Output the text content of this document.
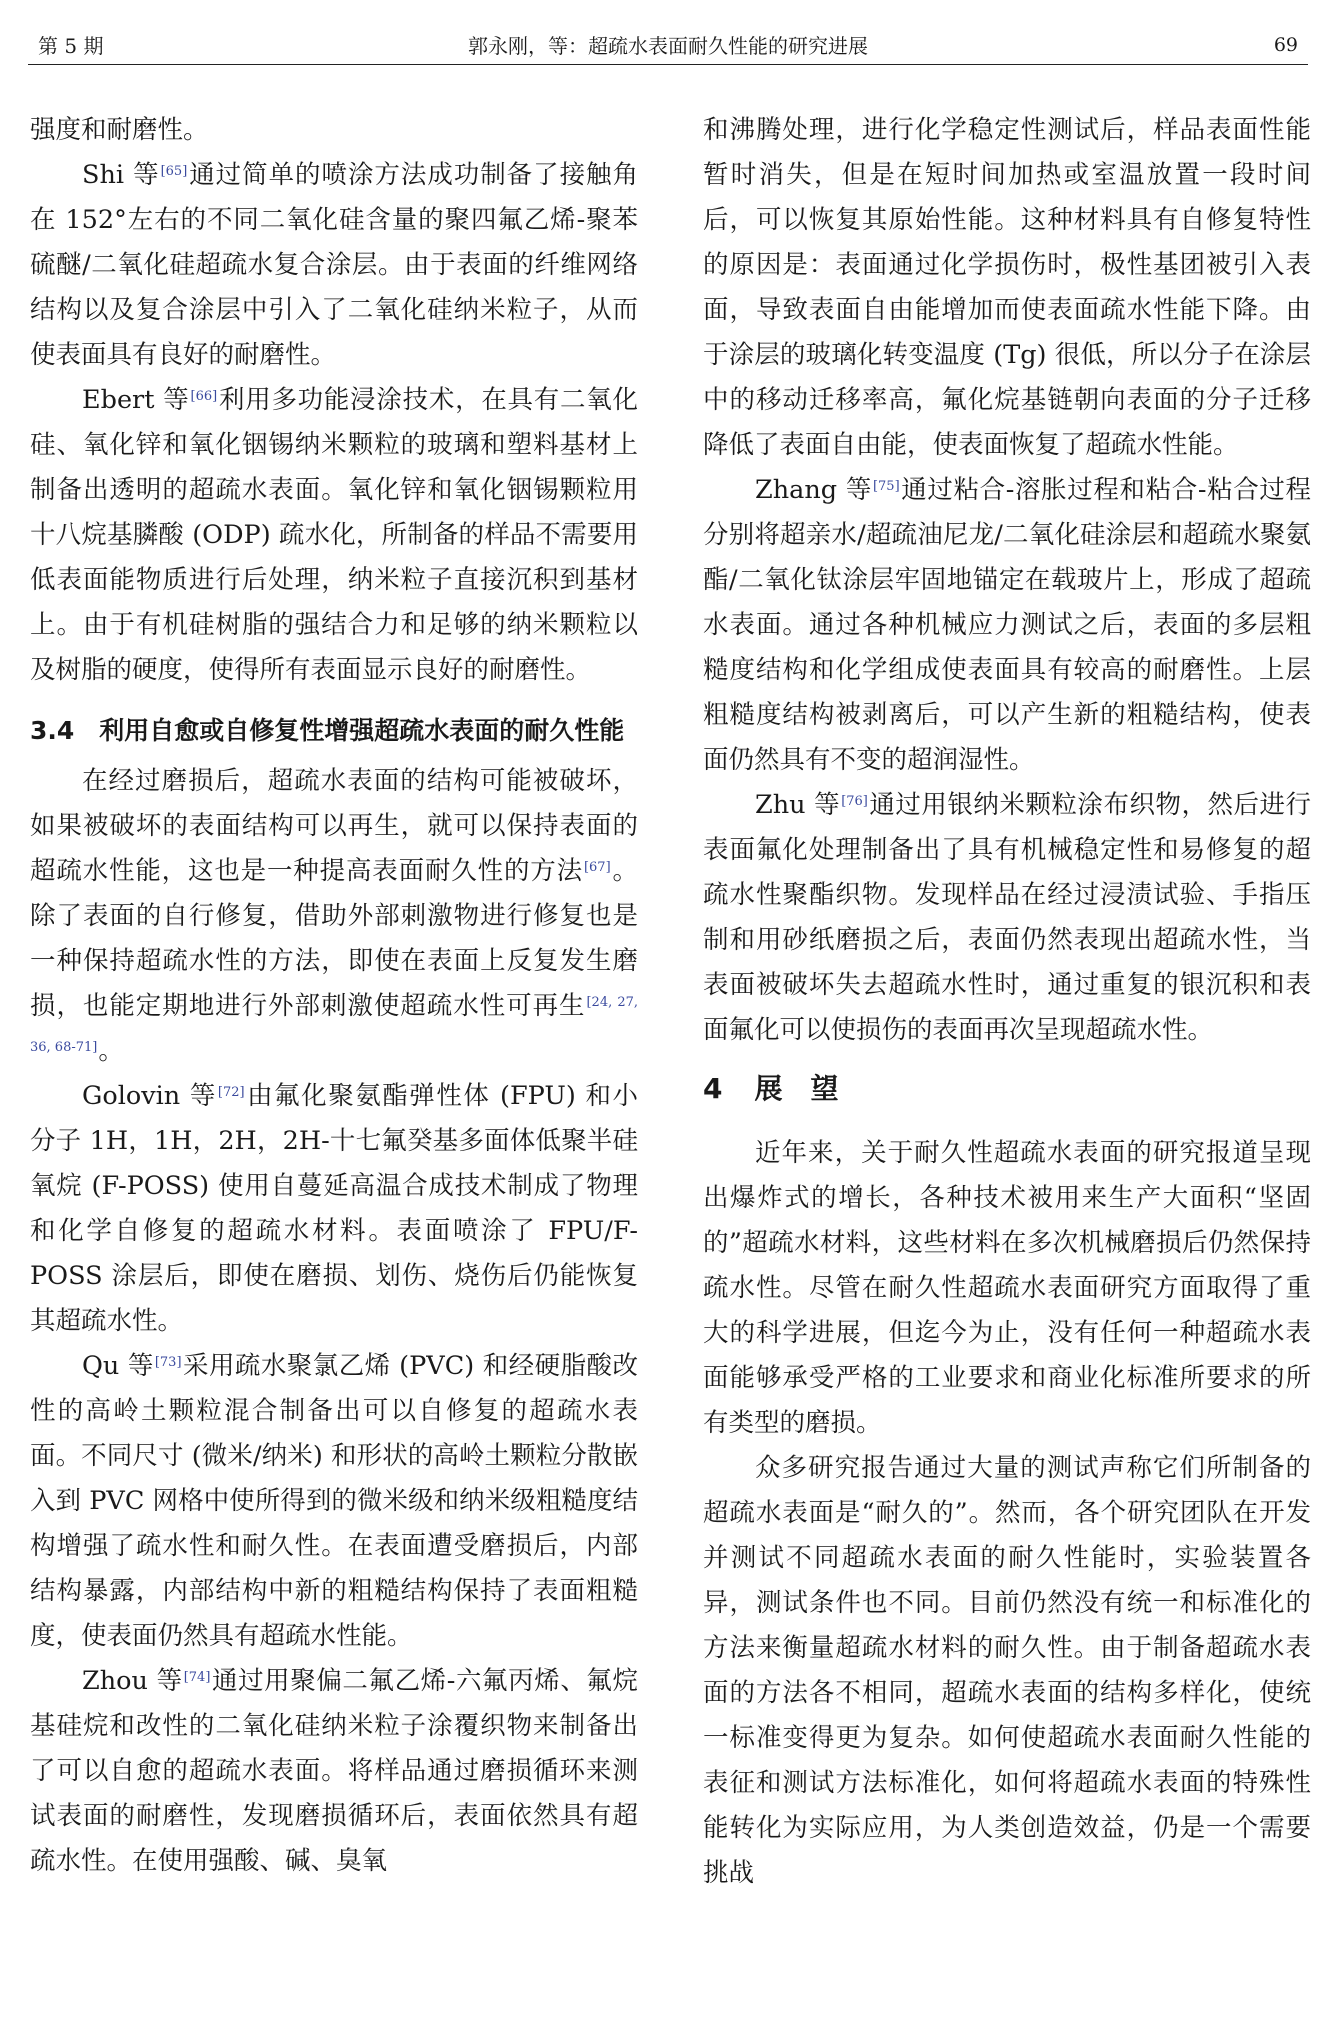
第 5 期	郭永刚，等：超疏水表面耐久性能的研究进展	69

强度和耐磨性。

Shi 等[65]通过简单的喷涂方法成功制备了接触角在 152°左右的不同二氧化硅含量的聚四氟乙烯-聚苯硫醚/二氧化硅超疏水复合涂层。由于表面的纤维网络结构以及复合涂层中引入了二氧化硅纳米粒子，从而使表面具有良好的耐磨性。

Ebert 等[66]利用多功能浸涂技术，在具有二氧化硅、氧化锌和氧化铟锡纳米颗粒的玻璃和塑料基材上制备出透明的超疏水表面。氧化锌和氧化铟锡颗粒用十八烷基膦酸 (ODP) 疏水化，所制备的样品不需要用低表面能物质进行后处理，纳米粒子直接沉积到基材上。由于有机硅树脂的强结合力和足够的纳米颗粒以及树脂的硬度，使得所有表面显示良好的耐磨性。

3.4　利用自愈或自修复性增强超疏水表面的耐久性能

在经过磨损后，超疏水表面的结构可能被破坏，如果被破坏的表面结构可以再生，就可以保持表面的超疏水性能，这也是一种提高表面耐久性的方法[67]。除了表面的自行修复，借助外部刺激物进行修复也是一种保持超疏水性的方法，即使在表面上反复发生磨损，也能定期地进行外部刺激使超疏水性可再生[24, 27, 36, 68-71]。

Golovin 等[72]由氟化聚氨酯弹性体 (FPU) 和小分子 1H，1H，2H，2H-十七氟癸基多面体低聚半硅氧烷 (F-POSS) 使用自蔓延高温合成技术制成了物理和化学自修复的超疏水材料。表面喷涂了 FPU/F-POSS 涂层后，即使在磨损、划伤、烧伤后仍能恢复其超疏水性。

Qu 等[73]采用疏水聚氯乙烯 (PVC) 和经硬脂酸改性的高岭土颗粒混合制备出可以自修复的超疏水表面。不同尺寸 (微米/纳米) 和形状的高岭土颗粒分散嵌入到 PVC 网格中使所得到的微米级和纳米级粗糙度结构增强了疏水性和耐久性。在表面遭受磨损后，内部结构暴露，内部结构中新的粗糙结构保持了表面粗糙度，使表面仍然具有超疏水性能。

Zhou 等[74]通过用聚偏二氟乙烯-六氟丙烯、氟烷基硅烷和改性的二氧化硅纳米粒子涂覆织物来制备出了可以自愈的超疏水表面。将样品通过磨损循环来测试表面的耐磨性，发现磨损循环后，表面依然具有超疏水性。在使用强酸、碱、臭氧

和沸腾处理，进行化学稳定性测试后，样品表面性能暂时消失，但是在短时间加热或室温放置一段时间后，可以恢复其原始性能。这种材料具有自修复特性的原因是：表面通过化学损伤时，极性基团被引入表面，导致表面自由能增加而使表面疏水性能下降。由于涂层的玻璃化转变温度 (Tg) 很低，所以分子在涂层中的移动迁移率高，氟化烷基链朝向表面的分子迁移降低了表面自由能，使表面恢复了超疏水性能。

Zhang 等[75]通过粘合-溶胀过程和粘合-粘合过程分别将超亲水/超疏油尼龙/二氧化硅涂层和超疏水聚氨酯/二氧化钛涂层牢固地锚定在载玻片上，形成了超疏水表面。通过各种机械应力测试之后，表面的多层粗糙度结构和化学组成使表面具有较高的耐磨性。上层粗糙度结构被剥离后，可以产生新的粗糙结构，使表面仍然具有不变的超润湿性。

Zhu 等[76]通过用银纳米颗粒涂布织物，然后进行表面氟化处理制备出了具有机械稳定性和易修复的超疏水性聚酯织物。发现样品在经过浸渍试验、手指压制和用砂纸磨损之后，表面仍然表现出超疏水性，当表面被破坏失去超疏水性时，通过重复的银沉积和表面氟化可以使损伤的表面再次呈现超疏水性。

4 展望

近年来，关于耐久性超疏水表面的研究报道呈现出爆炸式的增长，各种技术被用来生产大面积“坚固的”超疏水材料，这些材料在多次机械磨损后仍然保持疏水性。尽管在耐久性超疏水表面研究方面取得了重大的科学进展，但迄今为止，没有任何一种超疏水表面能够承受严格的工业要求和商业化标准所要求的所有类型的磨损。

众多研究报告通过大量的测试声称它们所制备的超疏水表面是“耐久的”。然而，各个研究团队在开发并测试不同超疏水表面的耐久性能时，实验装置各异，测试条件也不同。目前仍然没有统一和标准化的方法来衡量超疏水材料的耐久性。由于制备超疏水表面的方法各不相同，超疏水表面的结构多样化，使统一标准变得更为复杂。如何使超疏水表面耐久性能的表征和测试方法标准化，如何将超疏水表面的特殊性能转化为实际应用，为人类创造效益，仍是一个需要挑战
